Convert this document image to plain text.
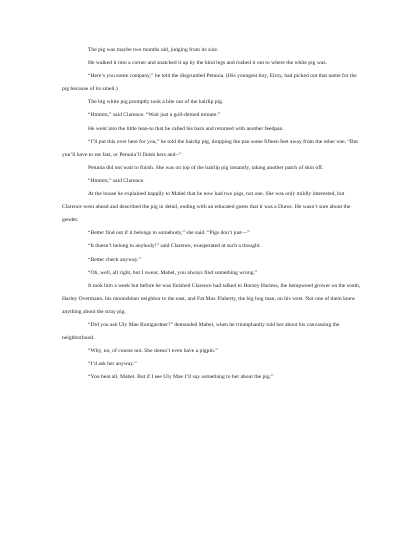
The pig was maybe two months old, judging from its size.

He walked it into a corner and snatched it up by the hind legs and rushed it out to where the white pig was.

“Here’s you some company,” he told the disgruntled Petunia. (His youngest boy, Elroy, had picked out that name for the pig because of its smell.)

The big white pig promptly took a bite out of the hairlip pig.

“Hmmm,” said Clarence. “Wait just a goll-derned minute.”

He went into the little lean-to that he called his barn and returned with another feedpan.

“I’ll put this over here for you,” he told the hairlip pig, dropping the pan some fifteen feet away from the other one. “But you’ll have to eat fast, or Petunia’ll finish hers and--”

Petunia did not wait to finish. She was on top of the hairlip pig instantly, taking another patch of skin off.

“Hmmm,” said Clarence.

At the house he explained happily to Mabel that he now had two pigs, not one. She was only mildly interested, but Clarence went ahead and described the pig in detail, ending with an educated guess that it was a Duroc. He wasn’t sure about the gender.

“Better find out if it belongs to somebody,” she said. “Pigs don’t just—”

“It doesn’t belong to anybody!” said Clarence, exasperated at such a thought.

“Better check anyway.”

“Oh, well, all right, but I swear, Mabel, you always find something wrong.”

It took him a week but before he was finished Clarence had talked to Horsey Harless, the hempweed grower on the south, Harley Overmann, his moonshiner neighbor to the east, and Fat Max Flaherty, the big hog man, on his west. Not one of them knew anything about the stray pig.

“Did you ask Uly Mae Bumgardner?” demanded Mabel, when he triumphantly told her about his canvassing the neighborhood.

“Why, no, of course not. She doesn’t even have a pigpin.”

“I’d ask her anyway.”

“You beat all, Mabel. But if I see Uly Mae I’ll say something to her about the pig.”
